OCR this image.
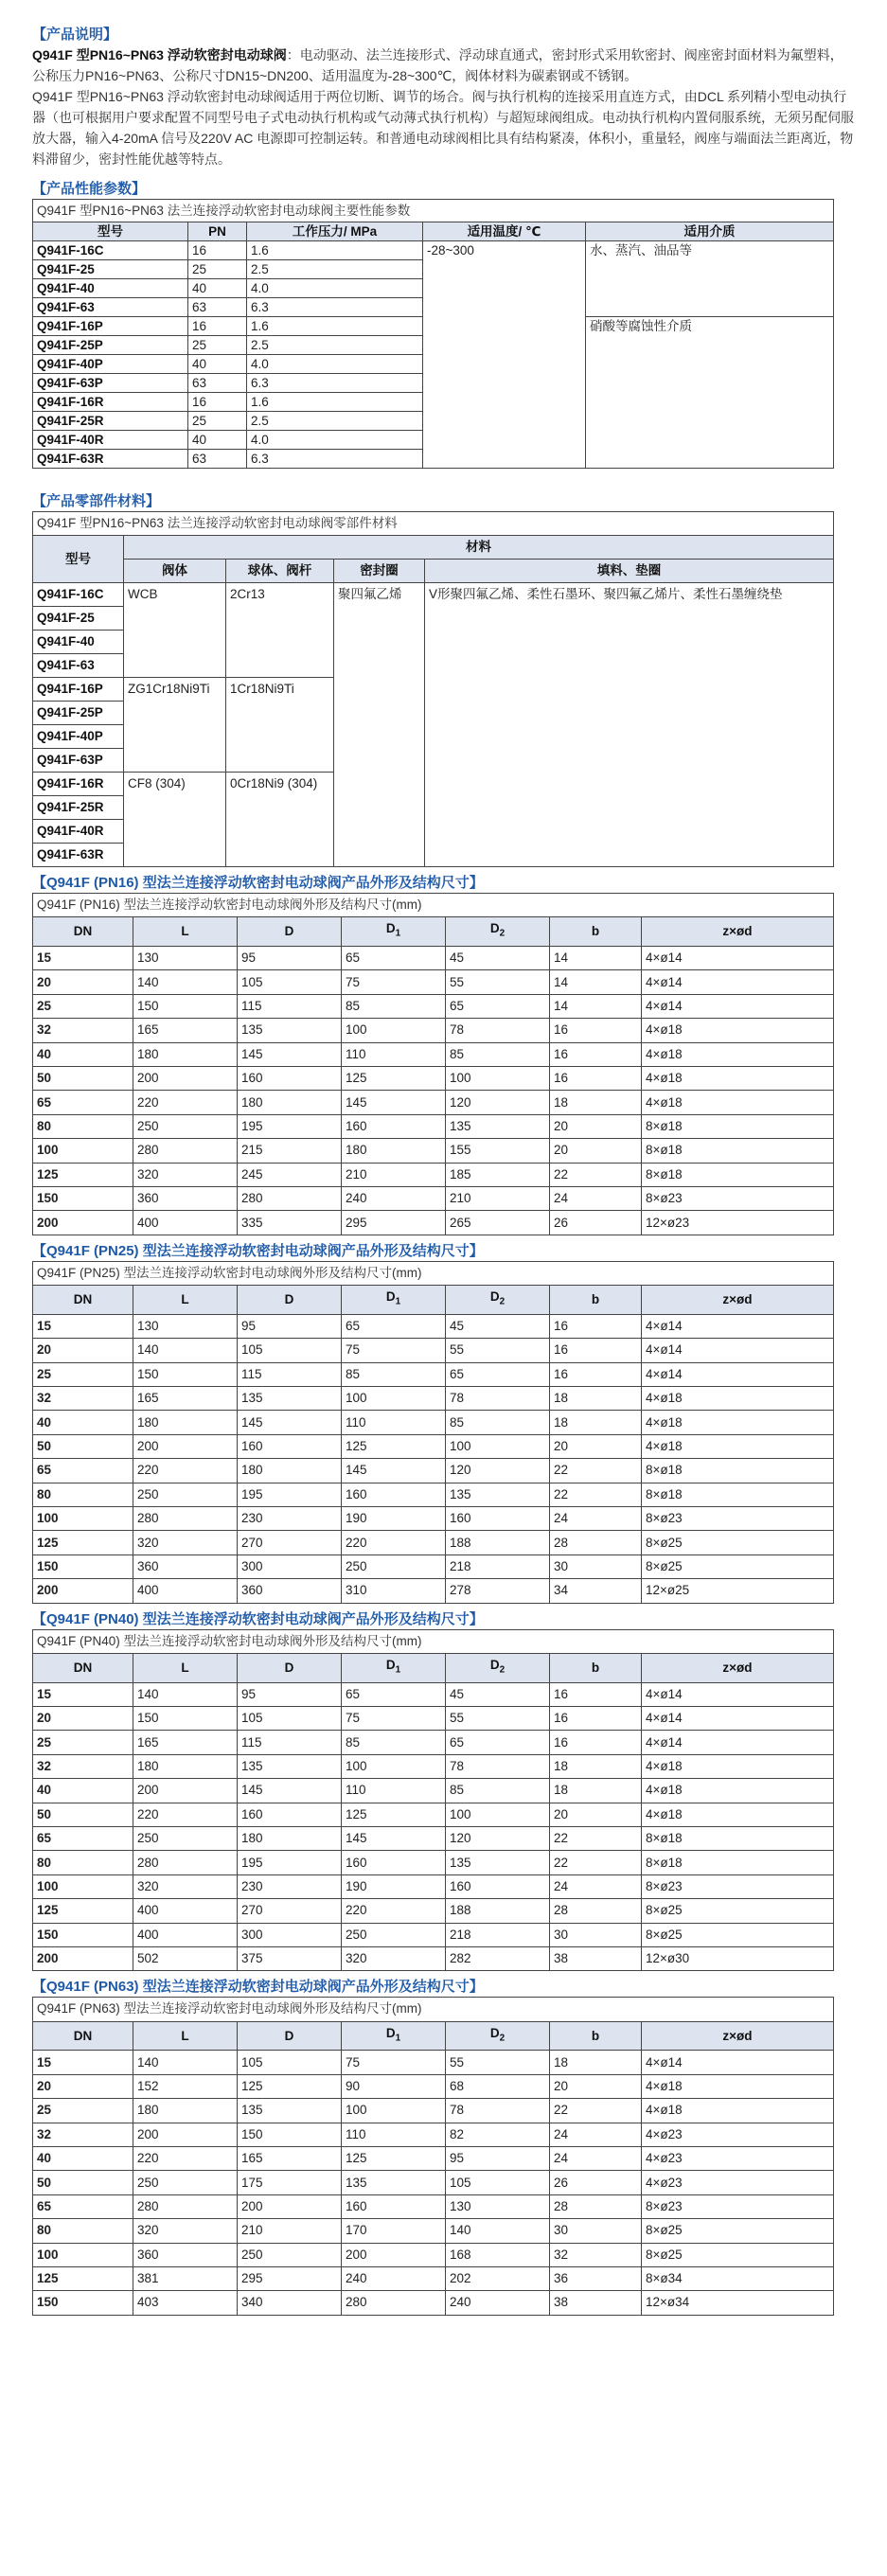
【产品说明】

Q941F 型PN16~PN63 浮动软密封电动球阀：电动驱动、法兰连接形式、浮动球直通式，密封形式采用软密封、阀座密封面材料为氟塑料，公称压力PN16~PN63、公称尺寸DN15~DN200、适用温度为-28~300℃，阀体材料为碳素钢或不锈钢。

Q941F 型PN16~PN63 浮动软密封电动球阀适用于两位切断、调节的场合。阀与执行机构的连接采用直连方式，由DCL 系列精小型电动执行器（也可根据用户要求配置不同型号电子式电动执行机构或气动薄式执行机构）与超短球阀组成。电动执行机构内置伺服系统，无须另配伺服放大器，输入4-20mA 信号及220V AC 电源即可控制运转。和普通电动球阀相比具有结构紧凑，体积小，重量轻，阀座与端面法兰距离近，物料滞留少，密封性能优越等特点。

【产品性能参数】
Q941F 型PN16~PN63 法兰连接浮动软密封电动球阀主要性能参数				
型号	PN	工作压力/ MPa	适用温度/ ℃	适用介质
Q941F-16C	16	1.6	-28~300	水、蒸汽、油品等
Q941F-25	25	2.5		
Q941F-40	40	4.0		
Q941F-63	63	6.3		
Q941F-16P	16	1.6		硝酸等腐蚀性介质
Q941F-25P	25	2.5		
Q941F-40P	40	4.0		
Q941F-63P	63	6.3		
Q941F-16R	16	1.6		
Q941F-25R	25	2.5		
Q941F-40R	40	4.0		
Q941F-63R	63	6.3		
【产品零部件材料】
Q941F 型PN16~PN63 法兰连接浮动软密封电动球阀零部件材料				
型号	材料			
	阀体	球体、阀杆	密封圈	填料、垫圈
Q941F-16C	WCB	2Cr13	聚四氟乙烯	V形聚四氟乙烯、柔性石墨环、聚四氟乙烯片、柔性石墨缠绕垫
Q941F-25				
Q941F-40				
Q941F-63				
Q941F-16P	ZG1Cr18Ni9Ti	1Cr18Ni9Ti		
Q941F-25P				
Q941F-40P				
Q941F-63P				
Q941F-16R	CF8 (304)	0Cr18Ni9 (304)		
Q941F-25R				
Q941F-40R				
Q941F-63R				
【Q941F (PN16) 型法兰连接浮动软密封电动球阀产品外形及结构尺寸】
Q941F (PN16) 型法兰连接浮动软密封电动球阀外形及结构尺寸(mm)						
DN	L	D	$D_1$	$D_2$	b	z×ød
15	130	95	65	45	14	4×ø14
20	140	105	75	55	14	4×ø14
25	150	115	85	65	14	4×ø14
32	165	135	100	78	16	4×ø18
40	180	145	110	85	16	4×ø18
50	200	160	125	100	16	4×ø18
65	220	180	145	120	18	4×ø18
80	250	195	160	135	20	8×ø18
100	280	215	180	155	20	8×ø18
125	320	245	210	185	22	8×ø18
150	360	280	240	210	24	8×ø23
200	400	335	295	265	26	12×ø23
【Q941F (PN25) 型法兰连接浮动软密封电动球阀产品外形及结构尺寸】
Q941F (PN25) 型法兰连接浮动软密封电动球阀外形及结构尺寸(mm)						
DN	L	D	$D_1$	$D_2$	b	z×ød
15	130	95	65	45	16	4×ø14
20	140	105	75	55	16	4×ø14
25	150	115	85	65	16	4×ø14
32	165	135	100	78	18	4×ø18
40	180	145	110	85	18	4×ø18
50	200	160	125	100	20	4×ø18
65	220	180	145	120	22	8×ø18
80	250	195	160	135	22	8×ø18
100	280	230	190	160	24	8×ø23
125	320	270	220	188	28	8×ø25
150	360	300	250	218	30	8×ø25
200	400	360	310	278	34	12×ø25
【Q941F (PN40) 型法兰连接浮动软密封电动球阀产品外形及结构尺寸】
Q941F (PN40) 型法兰连接浮动软密封电动球阀外形及结构尺寸(mm)						
DN	L	D	$D_1$	$D_2$	b	z×ød
15	140	95	65	45	16	4×ø14
20	150	105	75	55	16	4×ø14
25	165	115	85	65	16	4×ø14
32	180	135	100	78	18	4×ø18
40	200	145	110	85	18	4×ø18
50	220	160	125	100	20	4×ø18
65	250	180	145	120	22	8×ø18
80	280	195	160	135	22	8×ø18
100	320	230	190	160	24	8×ø23
125	400	270	220	188	28	8×ø25
150	400	300	250	218	30	8×ø25
200	502	375	320	282	38	12×ø30
【Q941F (PN63) 型法兰连接浮动软密封电动球阀产品外形及结构尺寸】
Q941F (PN63) 型法兰连接浮动软密封电动球阀外形及结构尺寸(mm)						
DN	L	D	$D_1$	$D_2$	b	z×ød
15	140	105	75	55	18	4×ø14
20	152	125	90	68	20	4×ø18
25	180	135	100	78	22	4×ø18
32	200	150	110	82	24	4×ø23
40	220	165	125	95	24	4×ø23
50	250	175	135	105	26	4×ø23
65	280	200	160	130	28	8×ø23
80	320	210	170	140	30	8×ø25
100	360	250	200	168	32	8×ø25
125	381	295	240	202	36	8×ø34
150	403	340	280	240	38	12×ø34
